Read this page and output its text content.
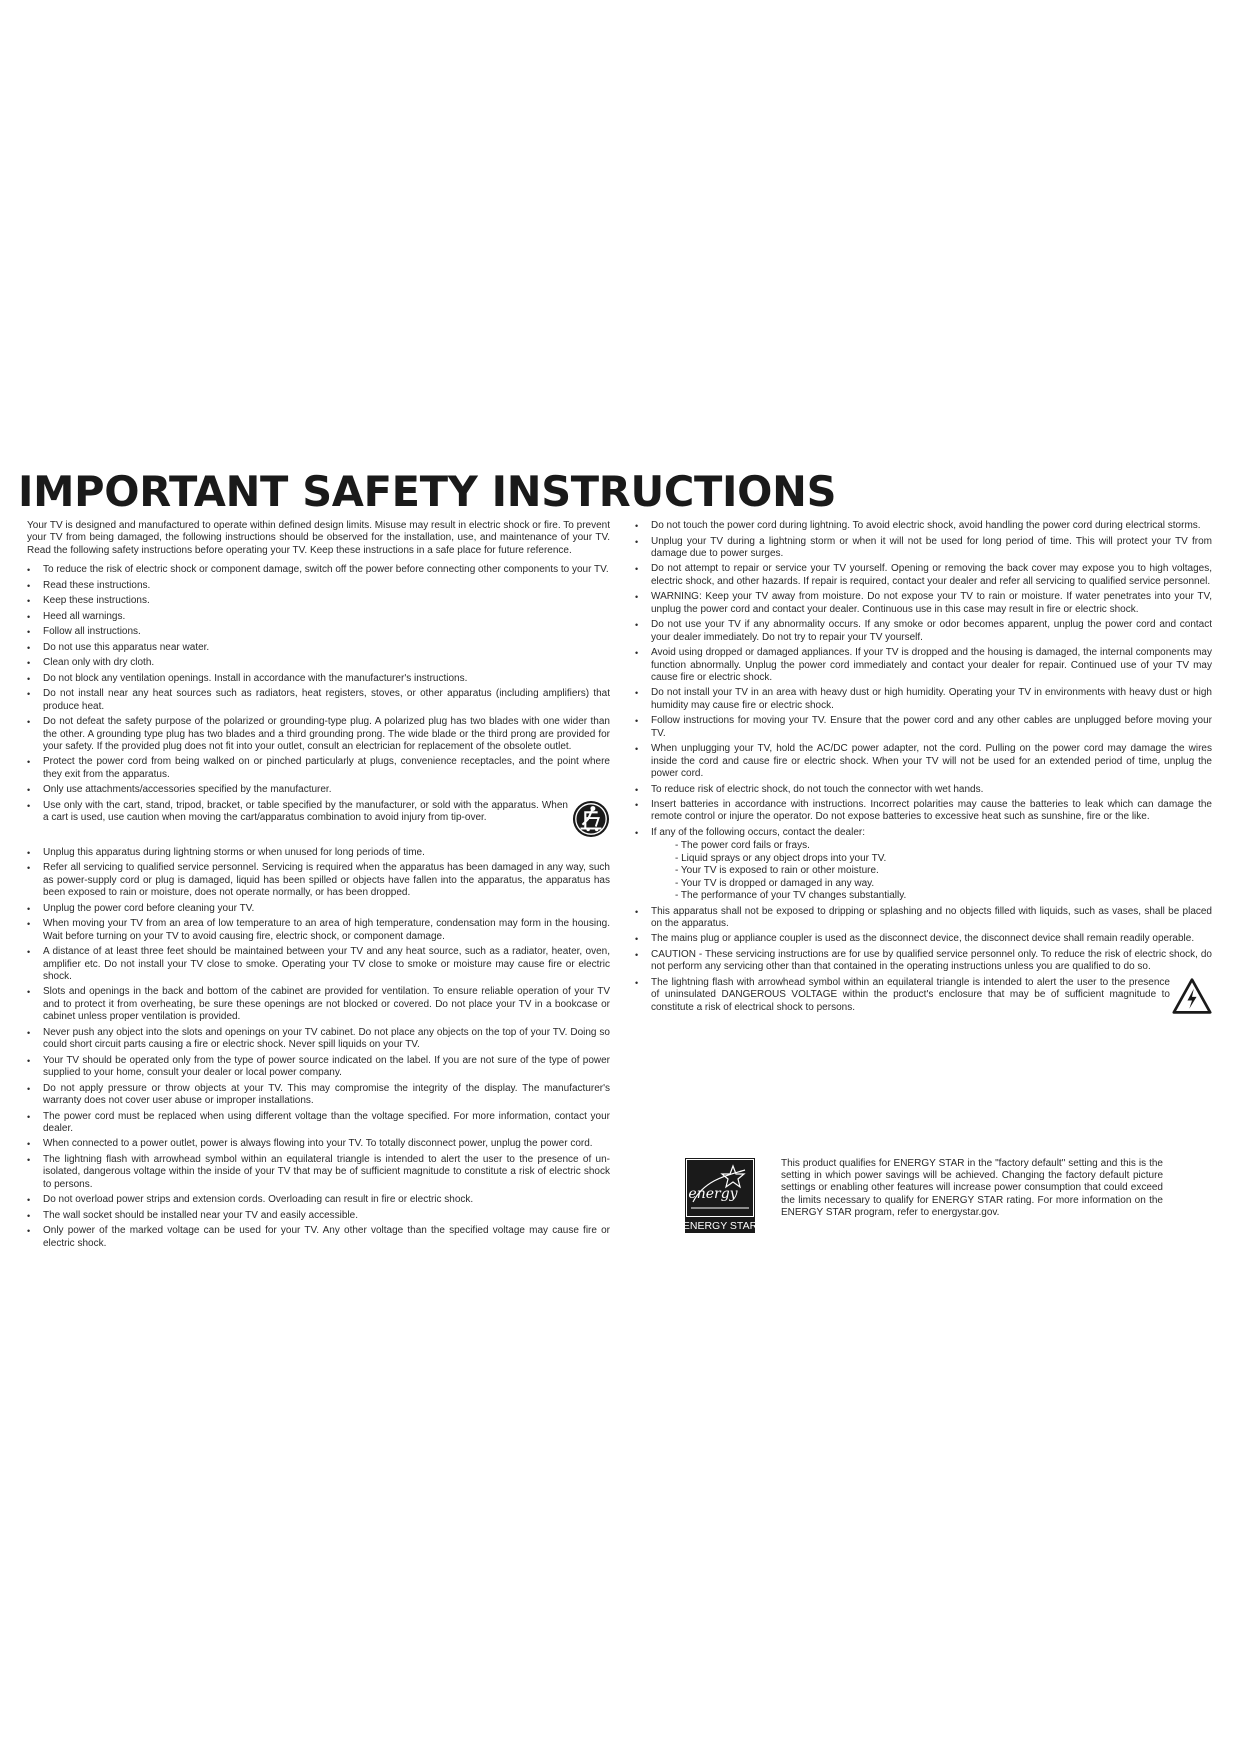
IMPORTANT SAFETY INSTRUCTIONS

Your TV is designed and manufactured to operate within defined design limits. Misuse may result in electric shock or fire. To prevent your TV from being damaged, the following instructions should be observed for the installation, use, and maintenance of your TV. Read the following safety instructions before operating your TV. Keep these instructions in a safe place for future reference.

• To reduce the risk of electric shock or component damage, switch off the power before connecting other components to your TV.
• Read these instructions.
• Keep these instructions.
• Heed all warnings.
• Follow all instructions.
• Do not use this apparatus near water.
• Clean only with dry cloth.
• Do not block any ventilation openings. Install in accordance with the manufacturer's instructions.
• Do not install near any heat sources such as radiators, heat registers, stoves, or other apparatus (including amplifiers) that produce heat.
• Do not defeat the safety purpose of the polarized or grounding-type plug. A polarized plug has two blades with one wider than the other. A grounding type plug has two blades and a third grounding prong. The wide blade or the third prong are provided for your safety. If the provided plug does not fit into your outlet, consult an electrician for replacement of the obsolete outlet.
• Protect the power cord from being walked on or pinched particularly at plugs, convenience receptacles, and the point where they exit from the apparatus.
• Only use attachments/accessories specified by the manufacturer.
• Use only with the cart, stand, tripod, bracket, or table specified by the manufacturer, or sold with the apparatus. When a cart is used, use caution when moving the cart/apparatus combination to avoid injury from tip-over.
• Unplug this apparatus during lightning storms or when unused for long periods of time.
• Refer all servicing to qualified service personnel. Servicing is required when the apparatus has been damaged in any way, such as power-supply cord or plug is damaged, liquid has been spilled or objects have fallen into the apparatus, the apparatus has been exposed to rain or moisture, does not operate normally, or has been dropped.
• Unplug the power cord before cleaning your TV.
• When moving your TV from an area of low temperature to an area of high temperature, condensation may form in the housing. Wait before turning on your TV to avoid causing fire, electric shock, or component damage.
• A distance of at least three feet should be maintained between your TV and any heat source, such as a radiator, heater, oven, amplifier etc. Do not install your TV close to smoke. Operating your TV close to smoke or moisture may cause fire or electric shock.
• Slots and openings in the back and bottom of the cabinet are provided for ventilation. To ensure reliable operation of your TV and to protect it from overheating, be sure these openings are not blocked or covered. Do not place your TV in a bookcase or cabinet unless proper ventilation is provided.
• Never push any object into the slots and openings on your TV cabinet. Do not place any objects on the top of your TV. Doing so could short circuit parts causing a fire or electric shock. Never spill liquids on your TV.
• Your TV should be operated only from the type of power source indicated on the label. If you are not sure of the type of power supplied to your home, consult your dealer or local power company.
• Do not apply pressure or throw objects at your TV. This may compromise the integrity of the display. The manufacturer's warranty does not cover user abuse or improper installations.
• The power cord must be replaced when using different voltage than the voltage specified. For more information, contact your dealer.
• When connected to a power outlet, power is always flowing into your TV. To totally disconnect power, unplug the power cord.
• The lightning flash with arrowhead symbol within an equilateral triangle is intended to alert the user to the presence of un-isolated, dangerous voltage within the inside of your TV that may be of sufficient magnitude to constitute a risk of electric shock to persons.
• Do not overload power strips and extension cords. Overloading can result in fire or electric shock.
• The wall socket should be installed near your TV and easily accessible.
• Only power of the marked voltage can be used for your TV. Any other voltage than the specified voltage may cause fire or electric shock.
• Do not touch the power cord during lightning. To avoid electric shock, avoid handling the power cord during electrical storms.
• Unplug your TV during a lightning storm or when it will not be used for long period of time. This will protect your TV from damage due to power surges.
• Do not attempt to repair or service your TV yourself. Opening or removing the back cover may expose you to high voltages, electric shock, and other hazards. If repair is required, contact your dealer and refer all servicing to qualified service personnel.
• WARNING: Keep your TV away from moisture. Do not expose your TV to rain or moisture. If water penetrates into your TV, unplug the power cord and contact your dealer. Continuous use in this case may result in fire or electric shock.
• Do not use your TV if any abnormality occurs. If any smoke or odor becomes apparent, unplug the power cord and contact your dealer immediately. Do not try to repair your TV yourself.
• Avoid using dropped or damaged appliances. If your TV is dropped and the housing is damaged, the internal components may function abnormally. Unplug the power cord immediately and contact your dealer for repair. Continued use of your TV may cause fire or electric shock.
• Do not install your TV in an area with heavy dust or high humidity. Operating your TV in environments with heavy dust or high humidity may cause fire or electric shock.
• Follow instructions for moving your TV. Ensure that the power cord and any other cables are unplugged before moving your TV.
• When unplugging your TV, hold the AC/DC power adapter, not the cord. Pulling on the power cord may damage the wires inside the cord and cause fire or electric shock. When your TV will not be used for an extended period of time, unplug the power cord.
• To reduce risk of electric shock, do not touch the connector with wet hands.
• Insert batteries in accordance with instructions. Incorrect polarities may cause the batteries to leak which can damage the remote control or injure the operator. Do not expose batteries to excessive heat such as sunshine, fire or the like.
• If any of the following occurs, contact the dealer:
- The power cord fails or frays.
- Liquid sprays or any object drops into your TV.
- Your TV is exposed to rain or other moisture.
- Your TV is dropped or damaged in any way.
- The performance of your TV changes substantially.
• This apparatus shall not be exposed to dripping or splashing and no objects filled with liquids, such as vases, shall be placed on the apparatus.
• The mains plug or appliance coupler is used as the disconnect device, the disconnect device shall remain readily operable.
• CAUTION - These servicing instructions are for use by qualified service personnel only. To reduce the risk of electric shock, do not perform any servicing other than that contained in the operating instructions unless you are qualified to do so.
• The lightning flash with arrowhead symbol within an equilateral triangle is intended to alert the user to the presence of uninsulated DANGEROUS VOLTAGE within the product's enclosure that may be of sufficient magnitude to constitute a risk of electrical shock to persons.
energy
ENERGY STAR

This product qualifies for ENERGY STAR in the "factory default" setting and this is the setting in which power savings will be achieved. Changing the factory default picture settings or enabling other features will increase power consumption that could exceed the limits necessary to qualify for ENERGY STAR rating. For more information on the ENERGY STAR program, refer to energystar.gov.
